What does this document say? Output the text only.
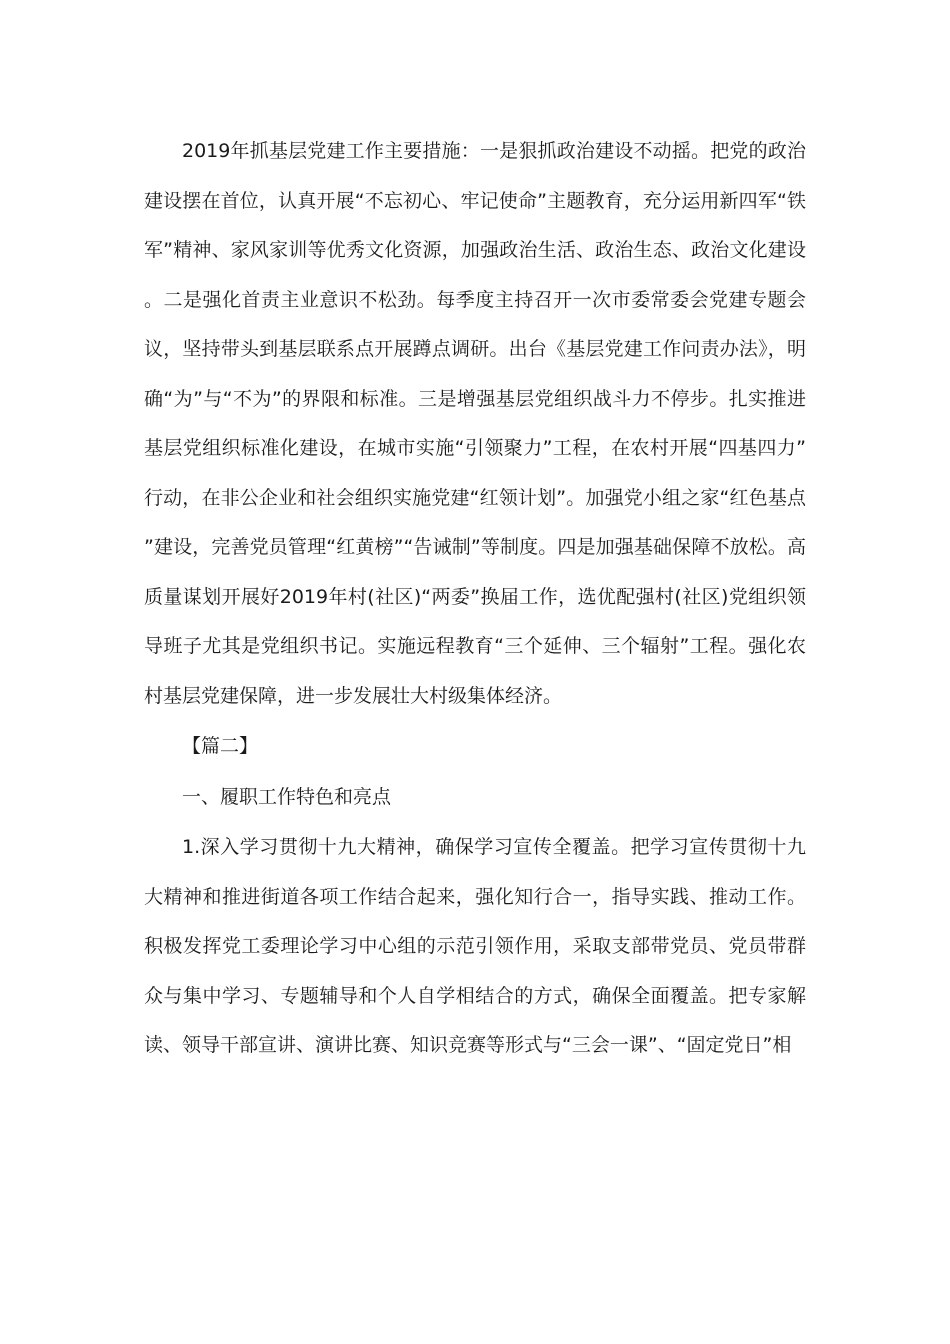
2019年抓基层党建工作主要措施：一是狠抓政治建设不动摇。把党的政治建设摆在首位，认真开展“不忘初心、牢记使命”主题教育，充分运用新四军“铁军”精神、家风家训等优秀文化资源，加强政治生活、政治生态、政治文化建设。二是强化首责主业意识不松劲。每季度主持召开一次市委常委会党建专题会议，坚持带头到基层联系点开展蹲点调研。出台《基层党建工作问责办法》，明确“为”与“不为”的界限和标准。三是增强基层党组织战斗力不停步。扎实推进基层党组织标准化建设，在城市实施“引领聚力”工程，在农村开展“四基四力”行动，在非公企业和社会组织实施党建“红领计划”。加强党小组之家“红色基点”建设，完善党员管理“红黄榜”“告诫制”等制度。四是加强基础保障不放松。高质量谋划开展好2019年村(社区)“两委”换届工作，选优配强村(社区)党组织领导班子尤其是党组织书记。实施远程教育“三个延伸、三个辐射”工程。强化农村基层党建保障，进一步发展壮大村级集体经济。

【篇二】

一、履职工作特色和亮点

1.深入学习贯彻十九大精神，确保学习宣传全覆盖。把学习宣传贯彻十九大精神和推进街道各项工作结合起来，强化知行合一，指导实践、推动工作。积极发挥党工委理论学习中心组的示范引领作用，采取支部带党员、党员带群众与集中学习、专题辅导和个人自学相结合的方式，确保全面覆盖。把专家解读、领导干部宣讲、演讲比赛、知识竞赛等形式与“三会一课”、“固定党日”相
